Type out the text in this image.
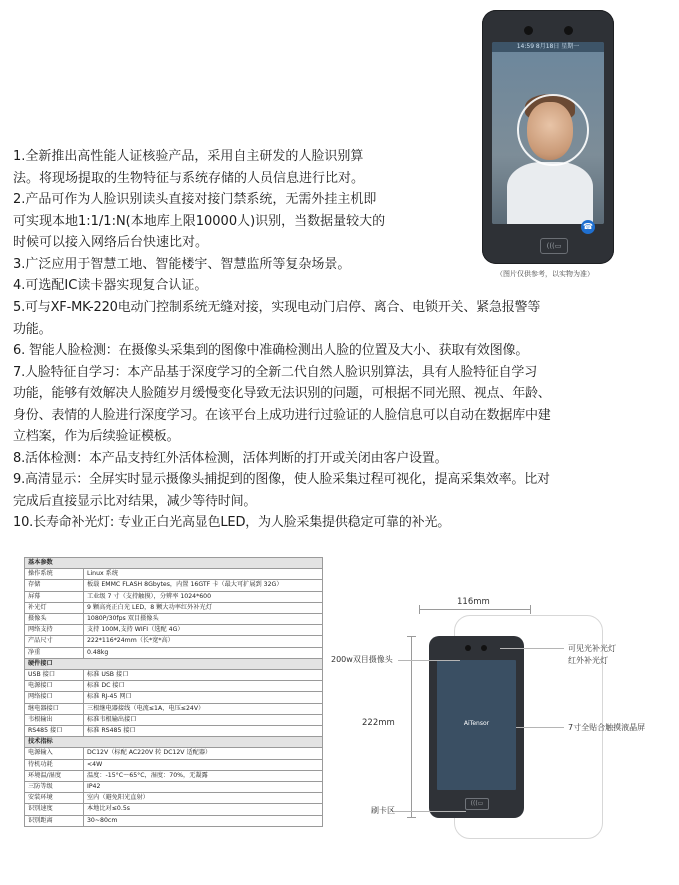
14:59 8月18日 星期一
☎
(((▭
（图片仅供参考，以实物为准）

1.全新推出高性能人证核验产品，采用自主研发的人脸识别算

法。将现场提取的生物特征与系统存储的人员信息进行比对。

2.产品可作为人脸识别读头直接对接门禁系统，无需外挂主机即

可实现本地1:1/1:N(本地库上限10000人)识别，当数据量较大的

时候可以接入网络后台快速比对。

3.广泛应用于智慧工地、智能楼宇、智慧监所等复杂场景。

4.可选配IC读卡器实现复合认证。

5.可与XF-MK-220电动门控制系统无缝对接，实现电动门启停、离合、电锁开关、紧急报警等

功能。

6. 智能人脸检测：在摄像头采集到的图像中准确检测出人脸的位置及大小、获取有效图像。

7.人脸特征自学习：本产品基于深度学习的全新二代自然人脸识别算法，具有人脸特征自学习

功能，能够有效解决人脸随岁月缓慢变化导致无法识别的问题，可根据不同光照、视点、年龄、

身份、表情的人脸进行深度学习。在该平台上成功进行过验证的人脸信息可以自动在数据库中建

立档案，作为后续验证模板。

8.活体检测：本产品支持红外活体检测，活体判断的打开或关闭由客户设置。

9.高清显示：全屏实时显示摄像头捕捉到的图像，使人脸采集过程可视化，提高采集效率。比对

完成后直接显示比对结果，减少等待时间。

10.长寿命补光灯: 专业正白光高显色LED，为人脸采集提供稳定可靠的补光。

基本参数	
操作系统	Linux 系统
存储	板载 EMMC FLASH 8Gbytes，内置 16GTF 卡（最大可扩展到 32G）
屏幕	工业级 7 寸（支持触摸），分辨率 1024*600
补光灯	9 颗高亮正白光 LED，8 颗大功率红外补光灯
摄像头	1080P/30fps 双目摄像头
网络支持	支持 100M,支持 WIFI（选配 4G）
产品尺寸	222*116*24mm（长*宽*高）
净重	0.48kg
硬件接口	
USB 接口	标准 USB 接口
电源接口	标准 DC 接口
网络接口	标准 RJ-45 网口
继电器接口	三根继电器接线（电流≤1A，电压≤24V）
韦根输出	标准韦根输出接口
RS485 接口	标准 RS485 接口
技术指标	
电源输入	DC12V（标配 AC220V 转 DC12V 适配器）
待机功耗	<4W
环境温/湿度	温度：-15°C～65°C，湿度：70%，无凝露
三防等级	IP42
安装环境	室内（避免阳光直射）
识别速度	本地比对≤0.5s
识别距离	30~80cm
116mm
222mm	AiTensor
(((▭
200w双目摄像头
可见光补光灯
红外补光灯
7寸全贴合触摸液晶屏
刷卡区
